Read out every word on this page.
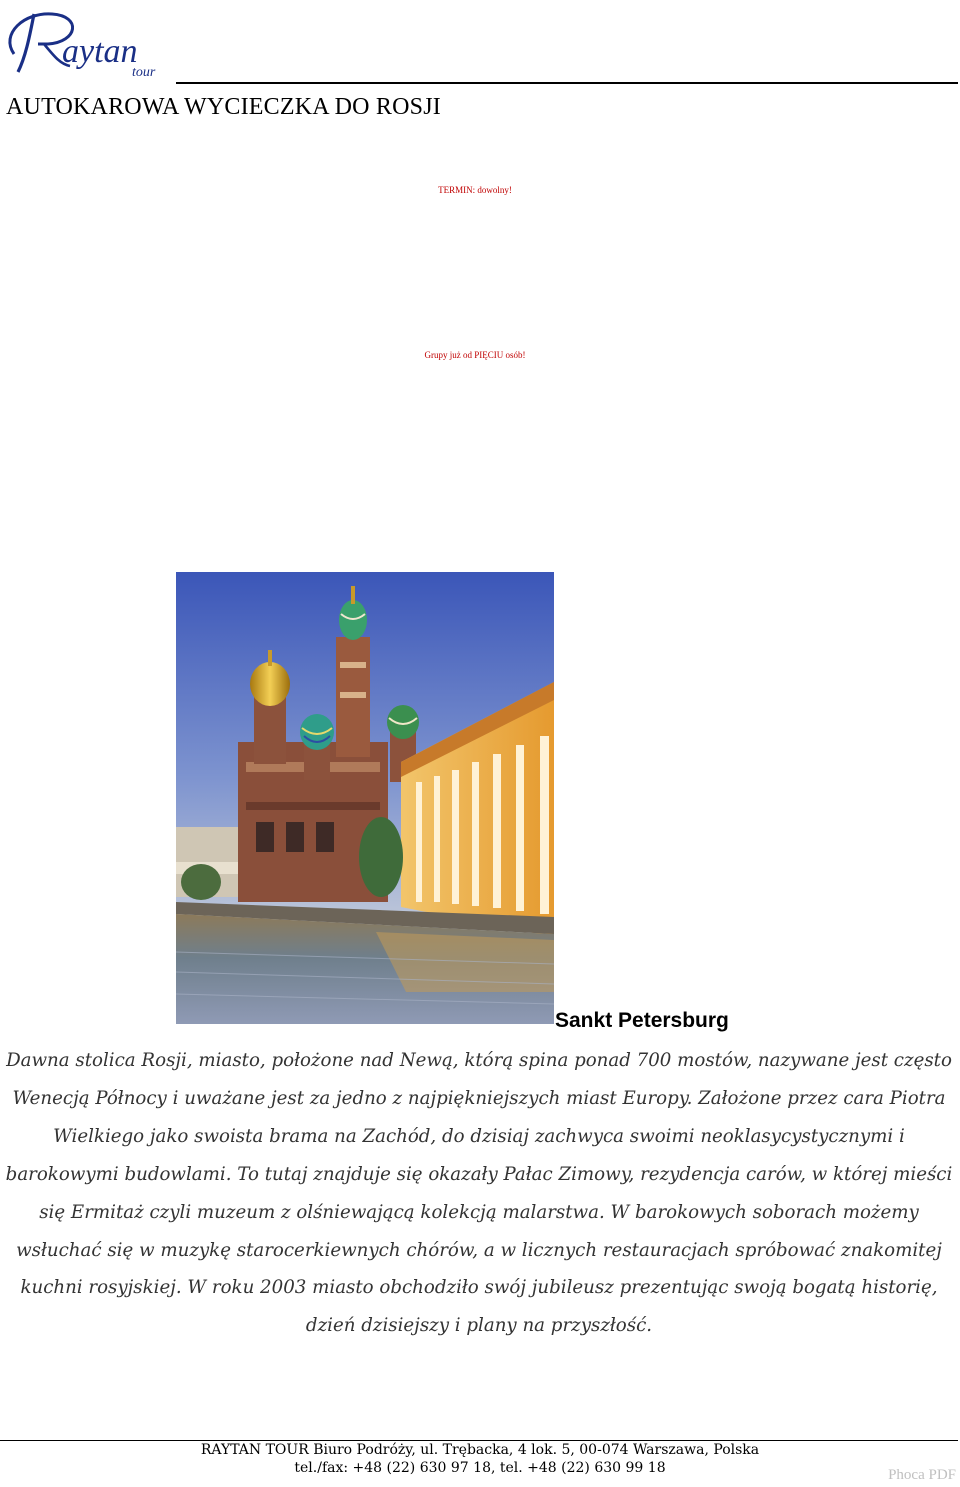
aytan
tour
AUTOKAROWA WYCIECZKA DO ROSJI
TERMIN: dowolny!
Grupy już od PIĘCIU osób!
Sankt Petersburg

Dawna stolica Rosji, miasto, położone nad Newą, którą spina ponad 700 mostów, nazywane jest często Wenecją Północy i uważane jest za jedno z najpiękniejszych miast Europy. Założone przez cara Piotra Wielkiego jako swoista brama na Zachód, do dzisiaj zachwyca swoimi neoklasycystycznymi i barokowymi budowlami. To tutaj znajduje się okazały Pałac Zimowy, rezydencja carów, w której mieści się Ermitaż czyli muzeum z olśniewającą kolekcją malarstwa. W barokowych soborach możemy wsłuchać się w muzykę starocerkiewnych chórów, a w licznych restauracjach spróbować znakomitej kuchni rosyjskiej. W roku 2003 miasto obchodziło swój jubileusz prezentując swoją bogatą historię, dzień dzisiejszy i plany na przyszłość.

RAYTAN TOUR Biuro Podróży, ul. Trębacka, 4 lok. 5, 00-074 Warszawa, Polska
tel./fax: +48 (22) 630 97 18, tel. +48 (22) 630 99 18	Phoca PDF
